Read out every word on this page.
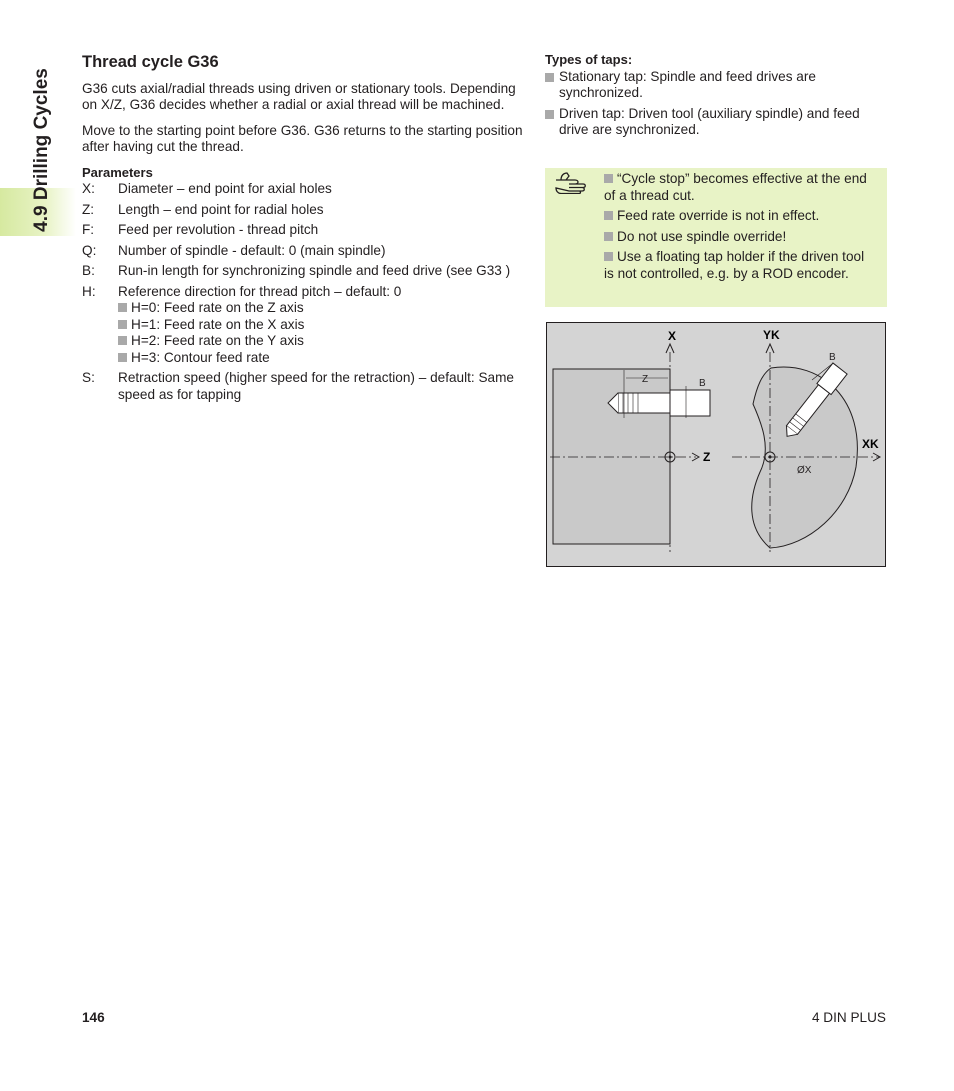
4.9 Drilling Cycles
Thread cycle G36

G36 cuts axial/radial threads using driven or stationary tools. Depending on X/Z, G36 decides whether a radial or axial thread will be machined.

Move to the starting point before G36. G36 returns to the starting position after having cut the thread.

Parameters
X:	Diameter – end point for axial holes
Z:	Length – end point for radial holes
F:	Feed per revolution - thread pitch
Q:	Number of spindle - default: 0 (main spindle)
B:	Run-in length for synchronizing spindle and feed drive (see G33 )
H:	Reference direction for thread pitch – default: 0
H=0: Feed rate on the Z axis
H=1: Feed rate on the X axis
H=2: Feed rate on the Y axis
H=3: Contour feed rate
S:	Retraction speed (higher speed for the retraction) – default: Same speed as for tapping
Types of taps:
Stationary tap: Spindle and feed drives are synchronized.
Driven tap: Driven tool (auxiliary spindle) and feed drive are synchronized.
“Cycle stop” becomes effective at the end of a thread cut.
Feed rate override is not in effect.
Do not use spindle override!
Use a floating tap holder if the driven tool is not controlled, e.g. by a ROD encoder.
X
Z
Z	B
B
YK
XK
ØX
146	4 DIN PLUS
